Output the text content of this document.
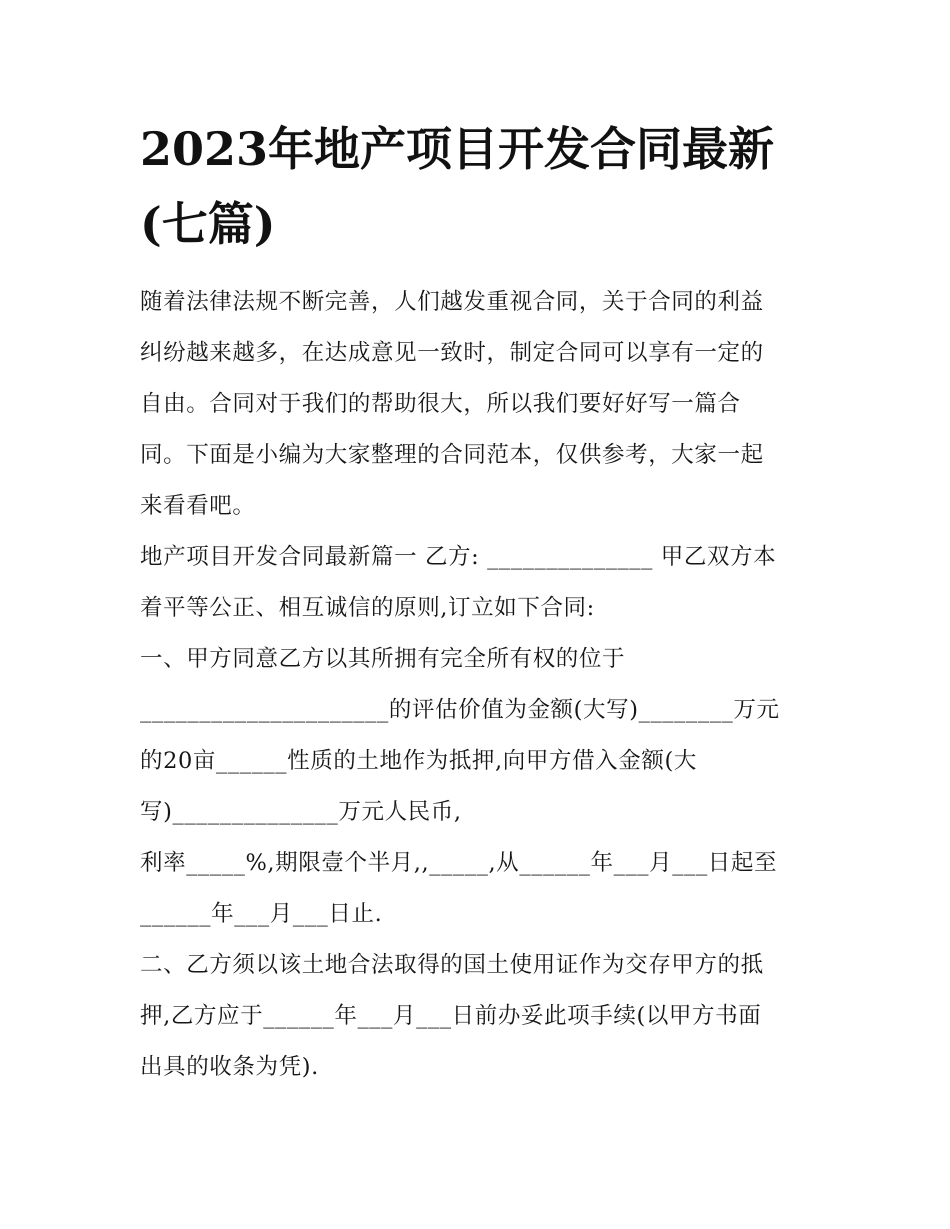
2023年地产项目开发合同最新
(七篇)

随着法律法规不断完善，人们越发重视合同，关于合同的利益
纠纷越来越多，在达成意见一致时，制定合同可以享有一定的
自由。合同对于我们的帮助很大，所以我们要好好写一篇合
同。下面是小编为大家整理的合同范本，仅供参考，大家一起
来看看吧。

地产项目开发合同最新篇一 乙方: ______________ 甲乙双方本
着平等公正、相互诚信的原则,订立如下合同:

一、甲方同意乙方以其所拥有完全所有权的位于
_____________________的评估价值为金额(大写)________万元
的20亩______性质的土地作为抵押,向甲方借入金额(大
写)______________万元人民币,
利率_____%,期限壹个半月,,_____,从______年___月___日起至
______年___月___日止.

二、乙方须以该土地合法取得的国土使用证作为交存甲方的抵
押,乙方应于______年___月___日前办妥此项手续(以甲方书面
出具的收条为凭).
